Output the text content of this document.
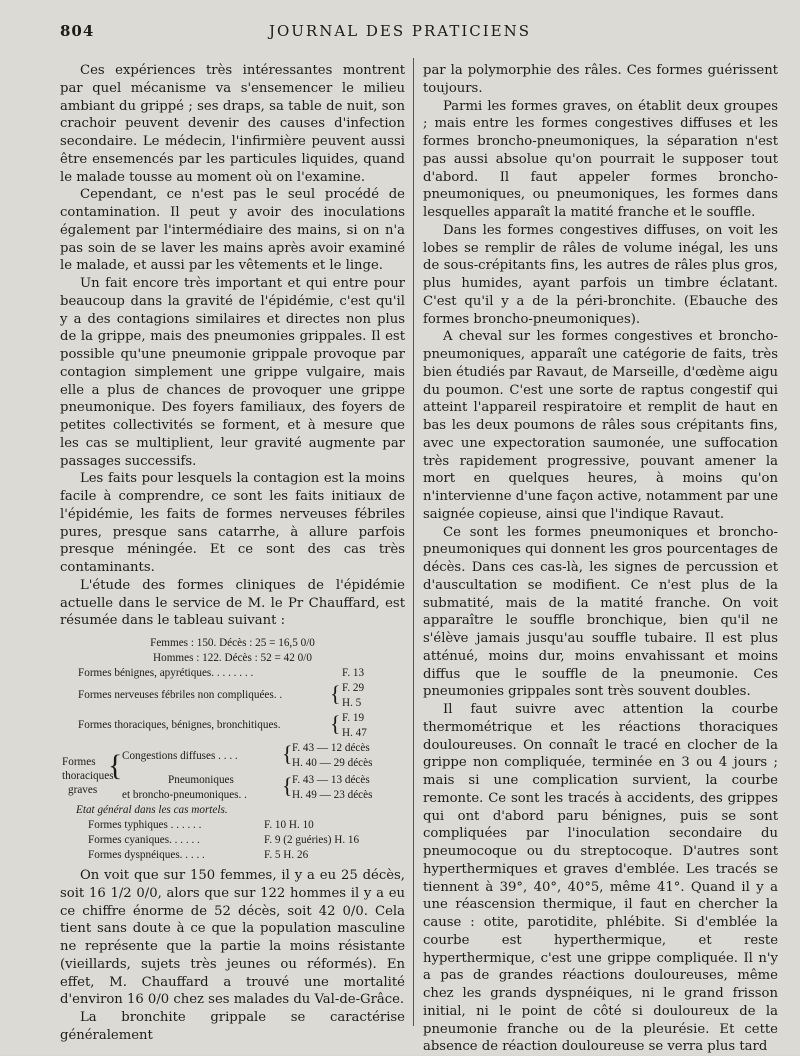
804	JOURNAL DES PRATICIENS

Ces expériences très intéressantes montrent par quel mécanisme va s'ensemencer le milieu ambiant du grippé ; ses draps, sa table de nuit, son crachoir peuvent devenir des causes d'infection secondaire. Le médecin, l'infirmière peuvent aussi être ensemencés par les particules liquides, quand le malade tousse au moment où on l'examine.

Cependant, ce n'est pas le seul procédé de contamination. Il peut y avoir des inoculations également par l'intermédiaire des mains, si on n'a pas soin de se laver les mains après avoir examiné le malade, et aussi par les vêtements et le linge.

Un fait encore très important et qui entre pour beaucoup dans la gravité de l'épidémie, c'est qu'il y a des contagions similaires et directes non plus de la grippe, mais des pneumonies grippales. Il est possible qu'une pneumonie grippale provoque par contagion simplement une grippe vulgaire, mais elle a plus de chances de provoquer une grippe pneumonique. Des foyers familiaux, des foyers de petites collectivités se forment, et à mesure que les cas se multiplient, leur gravité augmente par passages successifs.

Les faits pour lesquels la contagion est la moins facile à comprendre, ce sont les faits initiaux de l'épidémie, les faits de formes nerveuses fébriles pures, presque sans catarrhe, à allure parfois presque méningée. Et ce sont des cas très contaminants.

L'étude des formes cliniques de l'épidémie actuelle dans le service de M. le Pr Chauffard, est résumée dans le tableau suivant :

Femmes : 150. Décès : 25 = 16,5 0/0
Hommes : 122. Décès : 52 = 42 0/0
Formes bénignes, apyrétiques. . . . . . . .	F. 13
Formes nerveuses fébriles non compliquées. . { F. 29
H. 5
Formes thoraciques, bénignes, bronchitiques. { F. 19
H. 47
Formes
thoraciques
graves
{ Congestions diffuses . . . . { F. 43 — 12 décès
H. 40 — 29 décès
Pneumoniques
et broncho-pneumoniques. . { F. 43 — 13 décès
H. 49 — 23 décès
Etat général dans les cas mortels.
Formes typhiques . . . . . .	F. 10 H. 10
Formes cyaniques. . . . . .	F. 9 (2 guéries) H. 16
Formes dyspnéiques. . . . .	F. 5 H. 26

On voit que sur 150 femmes, il y a eu 25 décès, soit 16 1/2 0/0, alors que sur 122 hommes il y a eu ce chiffre énorme de 52 décès, soit 42 0/0. Cela tient sans doute à ce que la population masculine ne représente que la partie la moins résistante (vieillards, sujets très jeunes ou réformés). En effet, M. Chauffard a trouvé une mortalité d'environ 16 0/0 chez ses malades du Val-de-Grâce.

La bronchite grippale se caractérise généralement

par la polymorphie des râles. Ces formes guérissent toujours.

Parmi les formes graves, on établit deux groupes ; mais entre les formes congestives diffuses et les formes broncho-pneumoniques, la séparation n'est pas aussi absolue qu'on pourrait le supposer tout d'abord. Il faut appeler formes broncho-pneumoniques, ou pneumoniques, les formes dans lesquelles apparaît la matité franche et le souffle.

Dans les formes congestives diffuses, on voit les lobes se remplir de râles de volume inégal, les uns de sous-crépitants fins, les autres de râles plus gros, plus humides, ayant parfois un timbre éclatant. C'est qu'il y a de la péri-bronchite. (Ebauche des formes broncho-pneumoniques).

A cheval sur les formes congestives et broncho-pneumoniques, apparaît une catégorie de faits, très bien étudiés par Ravaut, de Marseille, d'œdème aigu du poumon. C'est une sorte de raptus congestif qui atteint l'appareil respiratoire et remplit de haut en bas les deux poumons de râles sous crépitants fins, avec une expectoration saumonée, une suffocation très rapidement progressive, pouvant amener la mort en quelques heures, à moins qu'on n'intervienne d'une façon active, notamment par une saignée copieuse, ainsi que l'indique Ravaut.

Ce sont les formes pneumoniques et broncho-pneumoniques qui donnent les gros pourcentages de décès. Dans ces cas-là, les signes de percussion et d'auscultation se modifient. Ce n'est plus de la submatité, mais de la matité franche. On voit apparaître le souffle bronchique, bien qu'il ne s'élève jamais jusqu'au souffle tubaire. Il est plus atténué, moins dur, moins envahissant et moins diffus que le souffle de la pneumonie. Ces pneumonies grippales sont très souvent doubles.

Il faut suivre avec attention la courbe thermométrique et les réactions thoraciques douloureuses. On connaît le tracé en clocher de la grippe non compliquée, terminée en 3 ou 4 jours ; mais si une complication survient, la courbe remonte. Ce sont les tracés à accidents, des grippes qui ont d'abord paru bénignes, puis se sont compliquées par l'inoculation secondaire du pneumocoque ou du streptocoque. D'autres sont hyperthermiques et graves d'emblée. Les tracés se tiennent à 39°, 40°, 40°5, même 41°. Quand il y a une réascension thermique, il faut en chercher la cause : otite, parotidite, phlébite. Si d'emblée la courbe est hyperthermique, et reste hyperthermique, c'est une grippe compliquée. Il n'y a pas de grandes réactions douloureuses, même chez les grands dyspnéiques, ni le grand frisson initial, ni le point de côté si douloureux de la pneumonie franche ou de la pleurésie. Et cette absence de réaction douloureuse se verra plus tard
